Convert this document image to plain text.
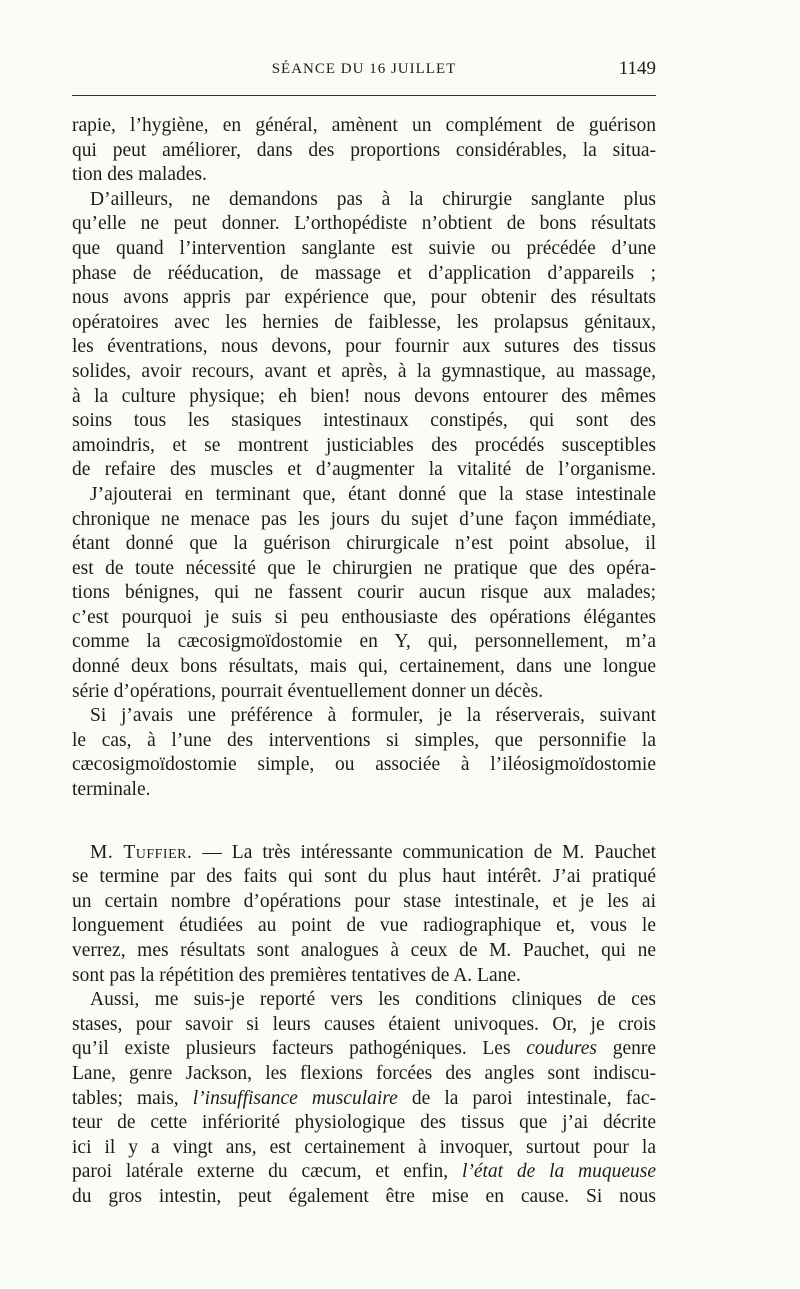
SÉANCE DU 16 JUILLET	1149
rapie, l’hygiène, en général, amènent un complément de guérison
qui peut améliorer, dans des proportions considérables, la situa-
tion des malades.
D’ailleurs, ne demandons pas à la chirurgie sanglante plus
qu’elle ne peut donner. L’orthopédiste n’obtient de bons résultats
que quand l’intervention sanglante est suivie ou précédée d’une
phase de rééducation, de massage et d’application d’appareils ;
nous avons appris par expérience que, pour obtenir des résultats
opératoires avec les hernies de faiblesse, les prolapsus génitaux,
les éventrations, nous devons, pour fournir aux sutures des tissus
solides, avoir recours, avant et après, à la gymnastique, au massage,
à la culture physique; eh bien! nous devons entourer des mêmes
soins tous les stasiques intestinaux constipés, qui sont des
amoindris, et se montrent justiciables des procédés susceptibles
de refaire des muscles et d’augmenter la vitalité de l’organisme.
J’ajouterai en terminant que, étant donné que la stase intestinale
chronique ne menace pas les jours du sujet d’une façon immédiate,
étant donné que la guérison chirurgicale n’est point absolue, il
est de toute nécessité que le chirurgien ne pratique que des opéra-
tions bénignes, qui ne fassent courir aucun risque aux malades;
c’est pourquoi je suis si peu enthousiaste des opérations élégantes
comme la cæcosigmoïdostomie en Y, qui, personnellement, m’a
donné deux bons résultats, mais qui, certainement, dans une longue
série d’opérations, pourrait éventuellement donner un décès.
Si j’avais une préférence à formuler, je la réserverais, suivant
le cas, à l’une des interventions si simples, que personnifie la
cæcosigmoïdostomie simple, ou associée à l’iléosigmoïdostomie
terminale.
M. Tuffier. — La très intéressante communication de M. Pauchet
se termine par des faits qui sont du plus haut intérêt. J’ai pratiqué
un certain nombre d’opérations pour stase intestinale, et je les ai
longuement étudiées au point de vue radiographique et, vous le
verrez, mes résultats sont analogues à ceux de M. Pauchet, qui ne
sont pas la répétition des premières tentatives de A. Lane.
Aussi, me suis-je reporté vers les conditions cliniques de ces
stases, pour savoir si leurs causes étaient univoques. Or, je crois
qu’il existe plusieurs facteurs pathogéniques. Les coudures genre
Lane, genre Jackson, les flexions forcées des angles sont indiscu-
tables; mais, l’insuffisance musculaire de la paroi intestinale, fac-
teur de cette infériorité physiologique des tissus que j’ai décrite
ici il y a vingt ans, est certainement à invoquer, surtout pour la
paroi latérale externe du cæcum, et enfin, l’état de la muqueuse
du gros intestin, peut également être mise en cause. Si nous
